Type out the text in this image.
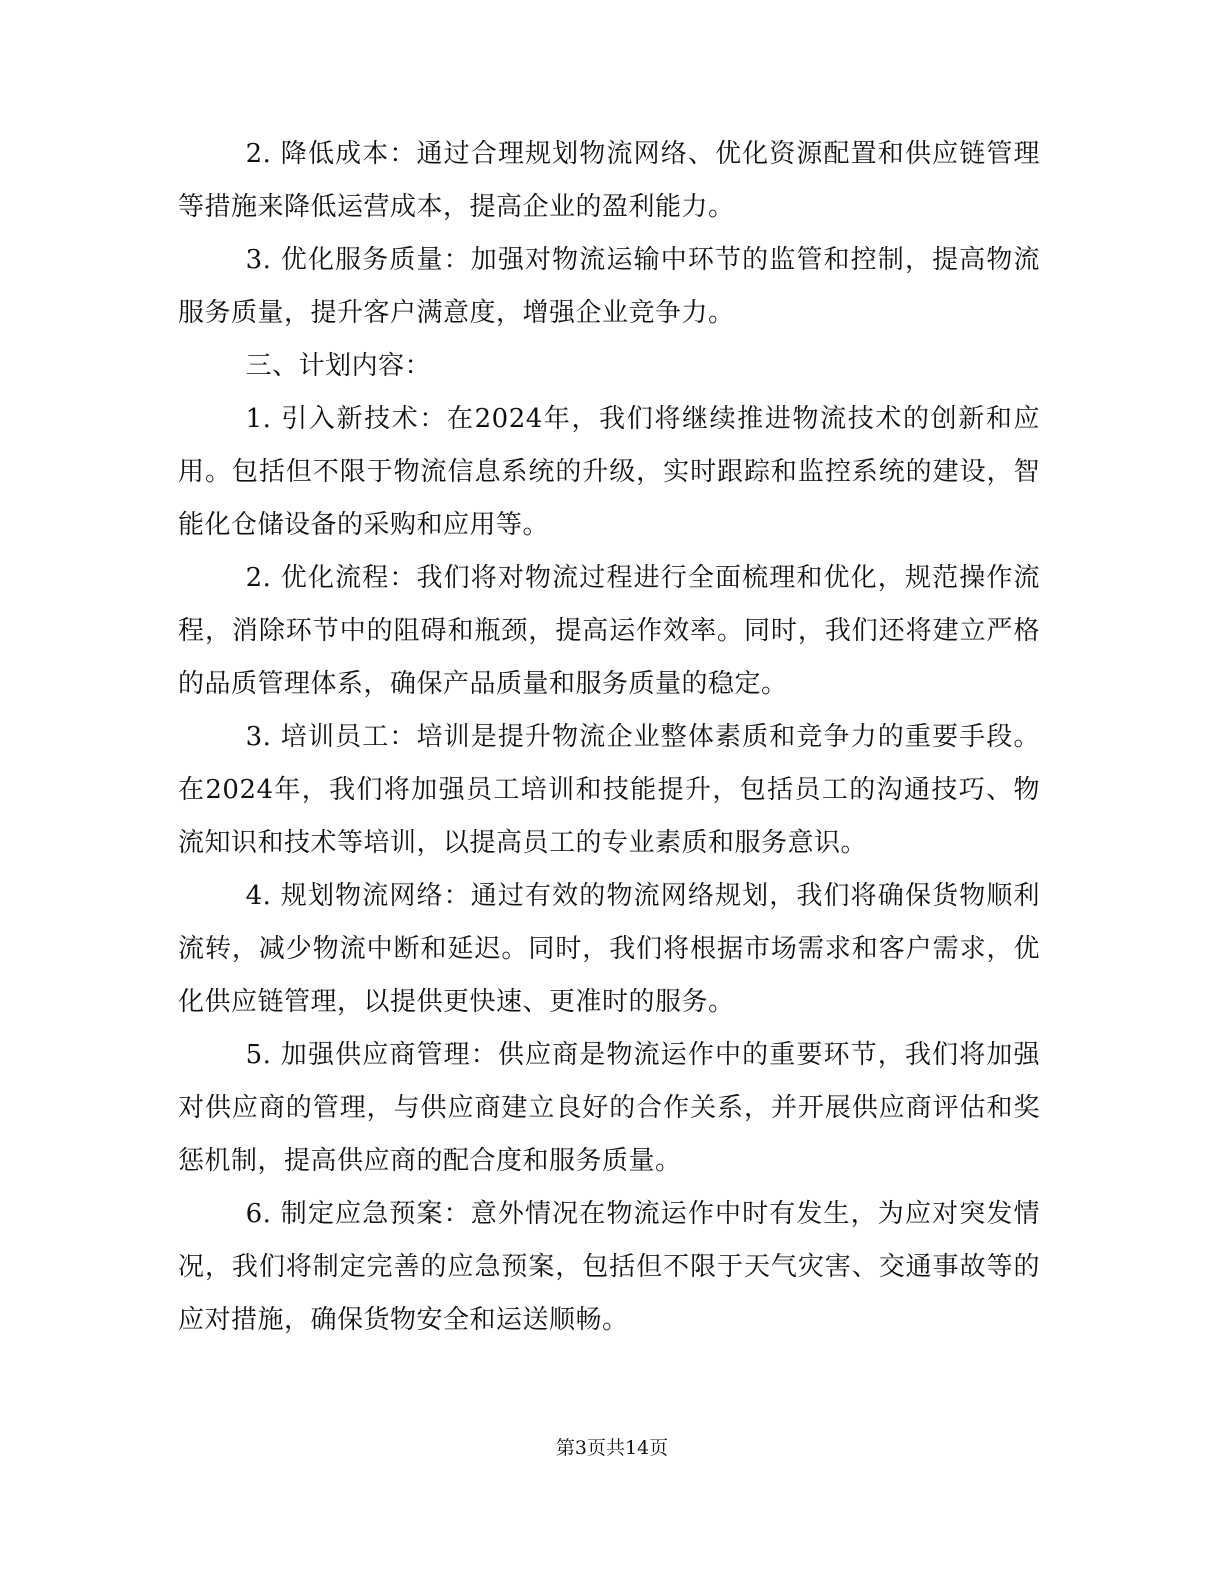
2. 降低成本：通过合理规划物流网络、优化资源配置和供应链管理等措施来降低运营成本，提高企业的盈利能力。

3. 优化服务质量：加强对物流运输中环节的监管和控制，提高物流服务质量，提升客户满意度，增强企业竞争力。

三、计划内容：

1. 引入新技术：在2024年，我们将继续推进物流技术的创新和应用。包括但不限于物流信息系统的升级，实时跟踪和监控系统的建设，智能化仓储设备的采购和应用等。

2. 优化流程：我们将对物流过程进行全面梳理和优化，规范操作流程，消除环节中的阻碍和瓶颈，提高运作效率。同时，我们还将建立严格的品质管理体系，确保产品质量和服务质量的稳定。

3. 培训员工：培训是提升物流企业整体素质和竞争力的重要手段。在2024年，我们将加强员工培训和技能提升，包括员工的沟通技巧、物流知识和技术等培训，以提高员工的专业素质和服务意识。

4. 规划物流网络：通过有效的物流网络规划，我们将确保货物顺利流转，减少物流中断和延迟。同时，我们将根据市场需求和客户需求，优化供应链管理，以提供更快速、更准时的服务。

5. 加强供应商管理：供应商是物流运作中的重要环节，我们将加强对供应商的管理，与供应商建立良好的合作关系，并开展供应商评估和奖惩机制，提高供应商的配合度和服务质量。

6. 制定应急预案：意外情况在物流运作中时有发生，为应对突发情况，我们将制定完善的应急预案，包括但不限于天气灾害、交通事故等的应对措施，确保货物安全和运送顺畅。

第3页共14页
